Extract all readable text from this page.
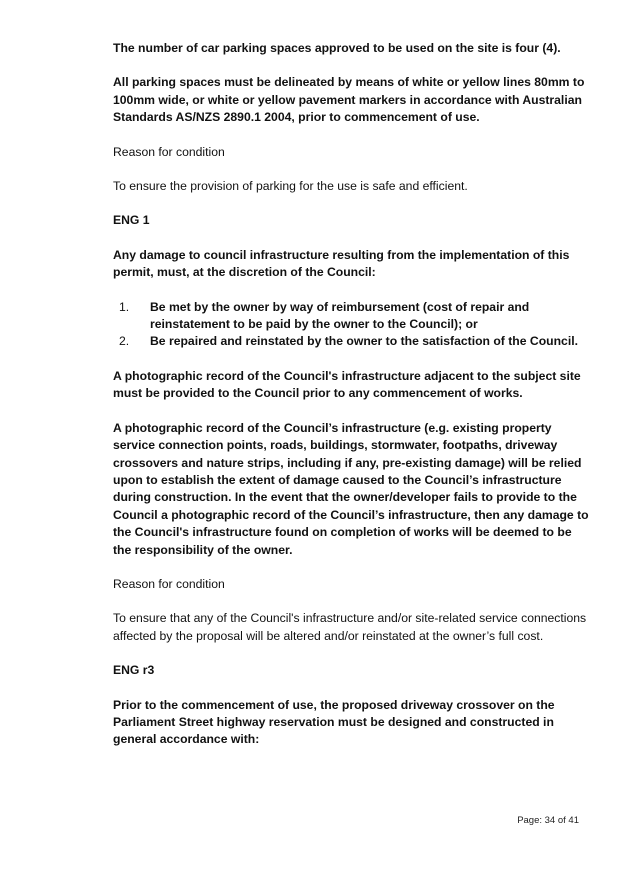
The number of car parking spaces approved to be used on the site is four (4).

All parking spaces must be delineated by means of white or yellow lines 80mm to 100mm wide, or white or yellow pavement markers in accordance with Australian Standards AS/NZS 2890.1 2004, prior to commencement of use.

Reason for condition

To ensure the provision of parking for the use is safe and efficient.

ENG 1

Any damage to council infrastructure resulting from the implementation of this permit, must, at the discretion of the Council:

1. Be met by the owner by way of reimbursement (cost of repair and reinstatement to be paid by the owner to the Council); or
2. Be repaired and reinstated by the owner to the satisfaction of the Council.

A photographic record of the Council's infrastructure adjacent to the subject site must be provided to the Council prior to any commencement of works.

A photographic record of the Council’s infrastructure (e.g. existing property service connection points, roads, buildings, stormwater, footpaths, driveway crossovers and nature strips, including if any, pre-existing damage) will be relied upon to establish the extent of damage caused to the Council’s infrastructure during construction. In the event that the owner/developer fails to provide to the Council a photographic record of the Council’s infrastructure, then any damage to the Council's infrastructure found on completion of works will be deemed to be the responsibility of the owner.

Reason for condition

To ensure that any of the Council's infrastructure and/or site-related service connections affected by the proposal will be altered and/or reinstated at the owner’s full cost.

ENG r3

Prior to the commencement of use, the proposed driveway crossover on the Parliament Street highway reservation must be designed and constructed in general accordance with:

Page: 34 of 41
